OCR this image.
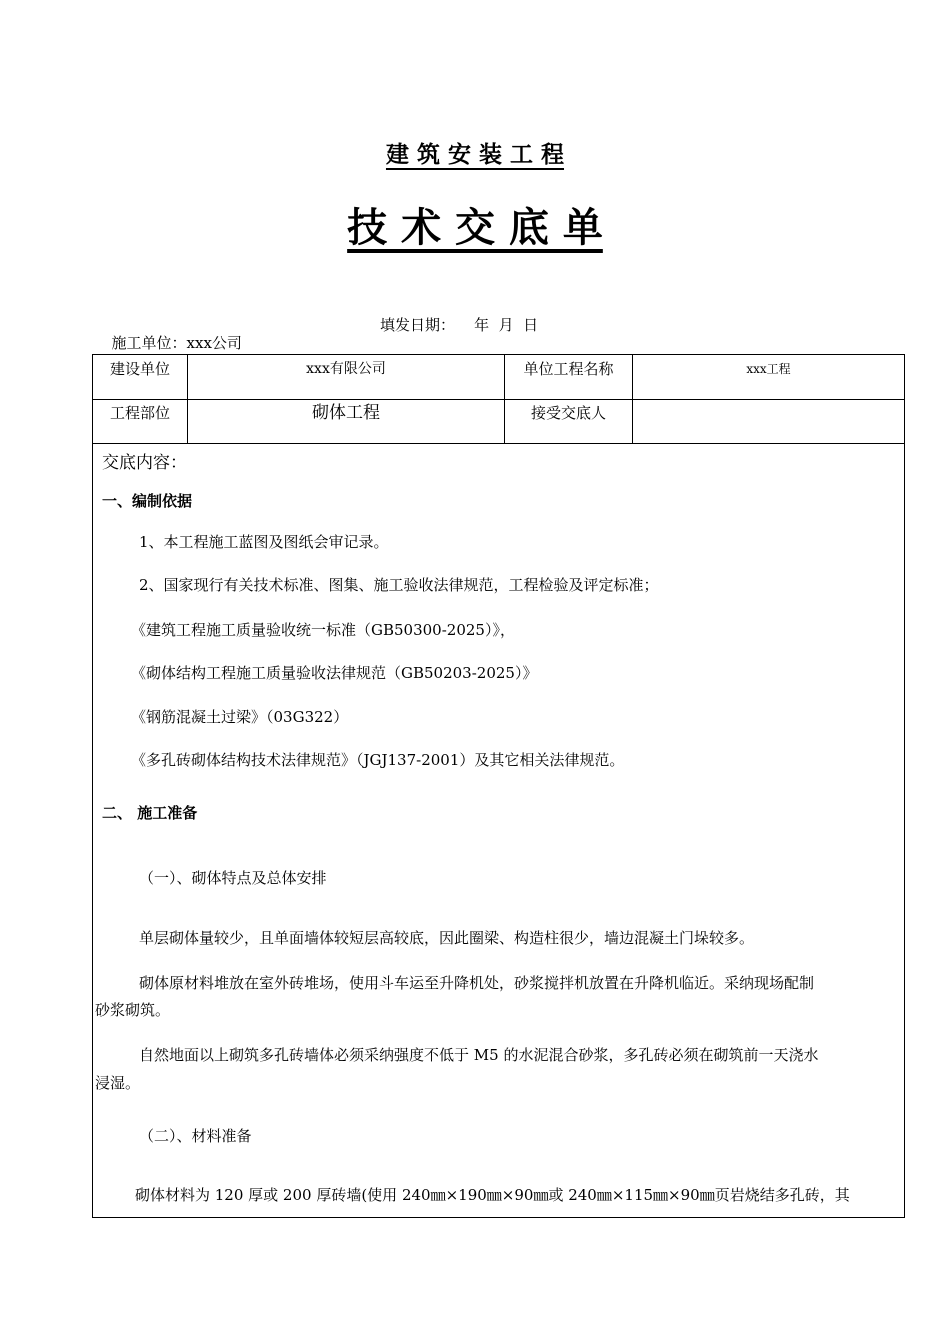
建 筑 安 装 工 程
技 术 交 底 单

施工单位：xxx公司

填发日期：    年  月  日

建设单位	xxx有限公司	单位工程名称	xxx工程
工程部位	砌体工程	接受交底人
交底内容：
一、编制依据
1、本工程施工蓝图及图纸会审记录。
2、国家现行有关技术标准、图集、施工验收法律规范，工程检验及评定标准；
《建筑工程施工质量验收统一标准（GB50300-2025）》，
《砌体结构工程施工质量验收法律规范（GB50203-2025）》
《钢筋混凝土过梁》（03G322）
《多孔砖砌体结构技术法律规范》（JGJ137-2001）及其它相关法律规范。
二、 施工准备
（一）、砌体特点及总体安排
单层砌体量较少，且单面墙体较短层高较底，因此圈梁、构造柱很少，墙边混凝土门垛较多。
砌体原材料堆放在室外砖堆场，使用斗车运至升降机处，砂浆搅拌机放置在升降机临近。采纳现场配制
砂浆砌筑。
自然地面以上砌筑多孔砖墙体必须采纳强度不低于 M5 的水泥混合砂浆，多孔砖必须在砌筑前一天浇水
浸湿。
（二）、材料准备
砌体材料为 120 厚或 200 厚砖墙(使用 240㎜×190㎜×90㎜或 240㎜×115㎜×90㎜页岩烧结多孔砖，其
